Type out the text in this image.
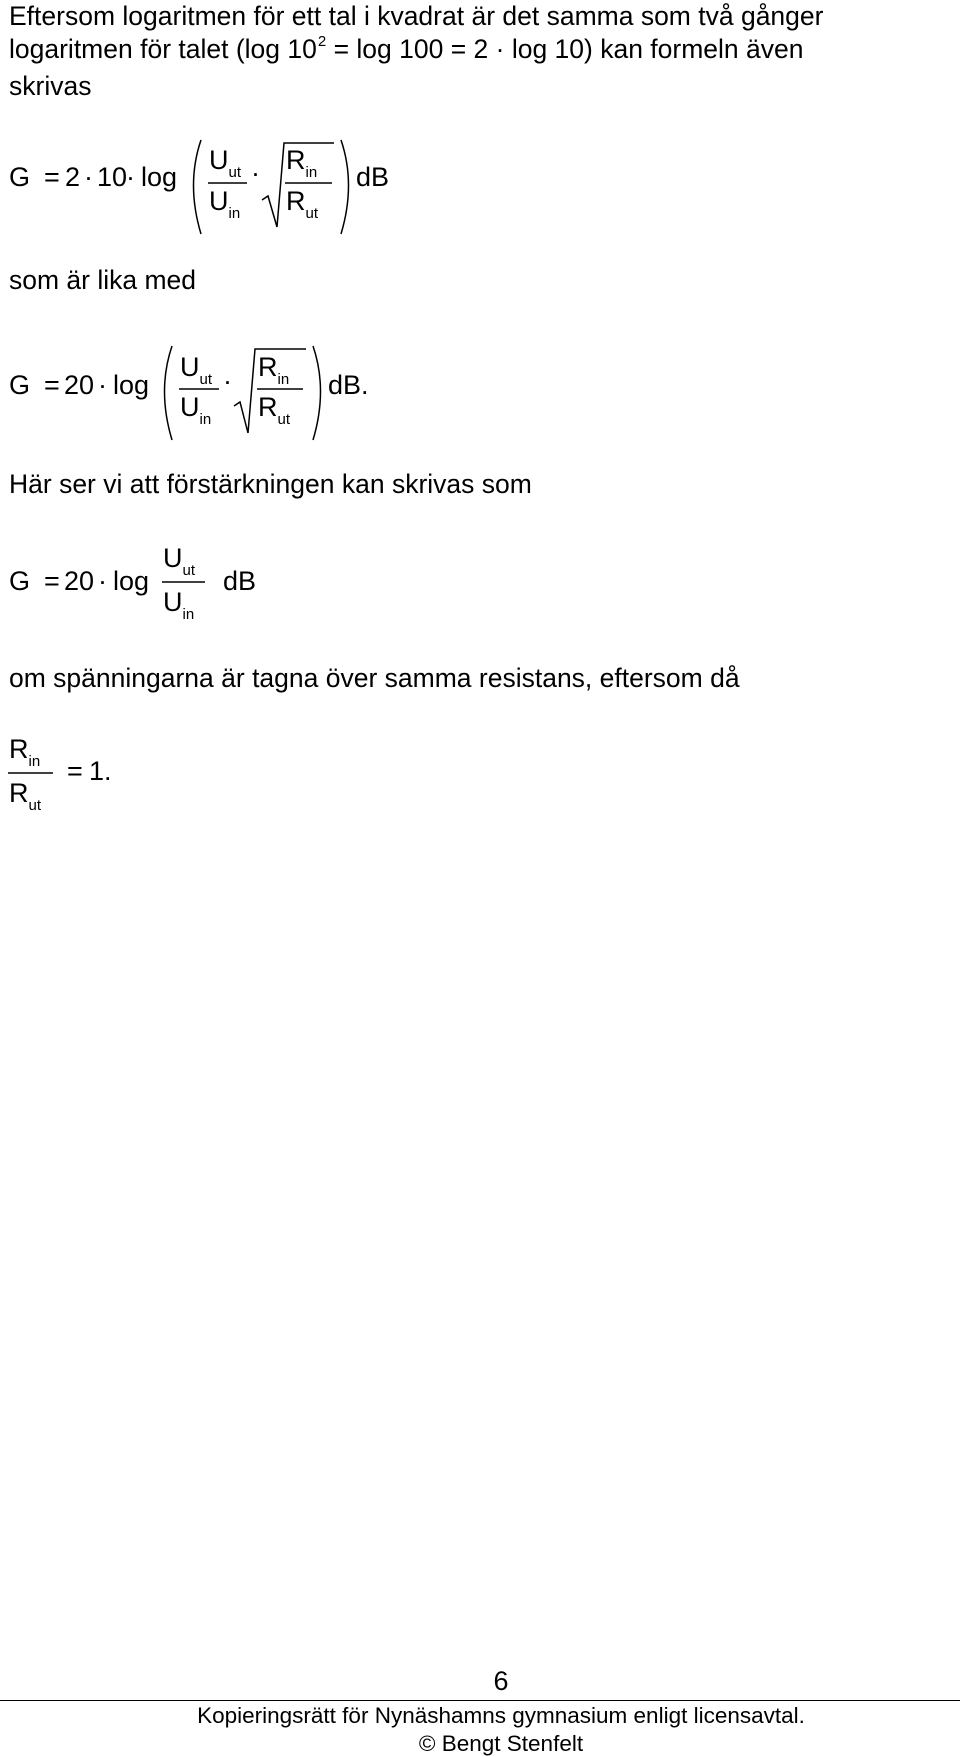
Eftersom logaritmen för ett tal i kvadrat är det samma som två gånger
logaritmen för talet (log $10^2 = \log 100 = 2 \cdot \log 10$) kan formeln även
skrivas
G = 2 · 10
· log
$U_{ut}$
$U_{in}$
· $R_{in}$
$R_{ut}$
dB
som är lika med
G = 20 · log
$U_{ut}$
$U_{in}$
· $R_{in}$
$R_{ut}$
dB.
Här ser vi att förstärkningen kan skrivas som
G = 20 · log
$U_{ut}$
$U_{in}$
dB
om spänningarna är tagna över samma resistans, eftersom då
$R_{in}$
$R_{ut}$
= 1.
6
Kopieringsrätt för Nynäshamns gymnasium enligt licensavtal.
© Bengt Stenfelt
